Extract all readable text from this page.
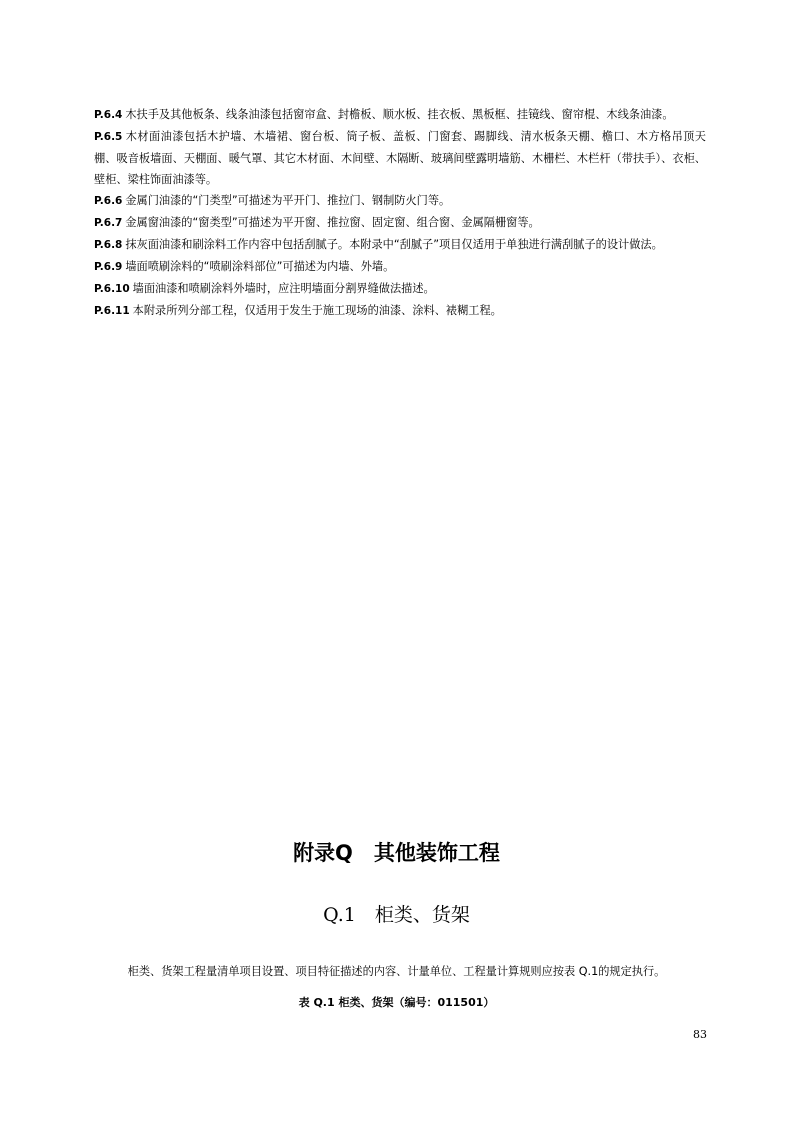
P.6.4 木扶手及其他板条、线条油漆包括窗帘盒、封檐板、顺水板、挂衣板、黑板框、挂镜线、窗帘棍、木线条油漆。
P.6.5 木材面油漆包括木护墙、木墙裙、窗台板、筒子板、盖板、门窗套、踢脚线、清水板条天棚、檐口、木方格吊顶天棚、吸音板墙面、天棚面、暖气罩、其它木材面、木间壁、木隔断、玻璃间壁露明墙筋、木栅栏、木栏杆（带扶手）、衣柜、壁柜、梁柱饰面油漆等。
P.6.6 金属门油漆的“门类型”可描述为平开门、推拉门、钢制防火门等。
P.6.7 金属窗油漆的“窗类型”可描述为平开窗、推拉窗、固定窗、组合窗、金属隔栅窗等。
P.6.8 抹灰面油漆和刷涂料工作内容中包括刮腻子。本附录中“刮腻子”项目仅适用于单独进行满刮腻子的设计做法。
P.6.9 墙面喷刷涂料的“喷刷涂料部位”可描述为内墙、外墙。
P.6.10 墙面油漆和喷刷涂料外墙时，应注明墙面分割界缝做法描述。
P.6.11 本附录所列分部工程，仅适用于发生于施工现场的油漆、涂料、裱糊工程。
附录Q　其他装饰工程
Q.1　柜类、货架

柜类、货架工程量清单项目设置、项目特征描述的内容、计量单位、工程量计算规则应按表 Q.1的规定执行。

表 Q.1 柜类、货架（编号：011501）

83
